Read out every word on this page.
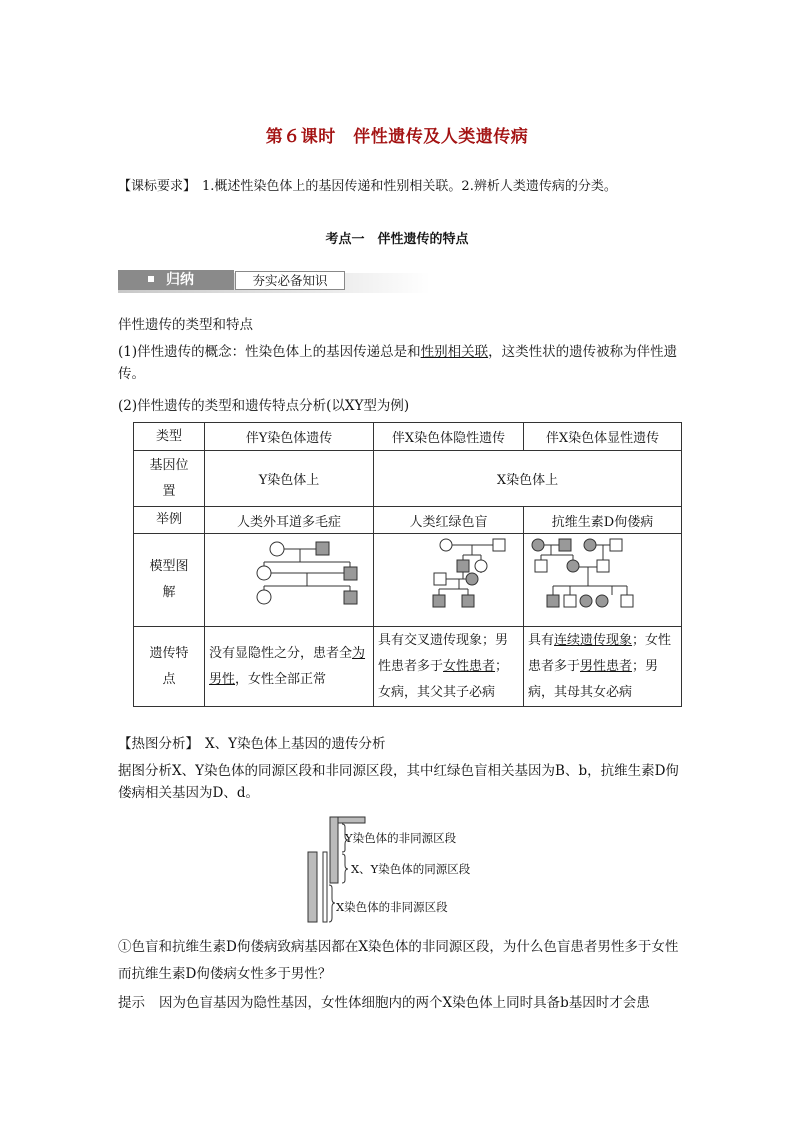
第６课时　伴性遗传及人类遗传病
【课标要求】 1.概述性染色体上的基因传递和性别相关联。2.辨析人类遗传病的分类。
考点一　伴性遗传的特点
归纳	夯实必备知识
伴性遗传的类型和特点
(1)伴性遗传的概念：性染色体上的基因传递总是和性别相关联，这类性状的遗传被称为伴性遗传。
(2)伴性遗传的类型和遗传特点分析(以XY型为例)
类型	伴Y染色体遗传	伴X染色体隐性遗传	伴X染色体显性遗传
基因位置	Y染色体上	X染色体上	
举例	人类外耳道多毛症	人类红绿色盲	抗维生素D佝偻病
模型图解			
遗传特点	没有显隐性之分，患者全为男性，女性全部正常	具有交叉遗传现象；男性患者多于女性患者；女病，其父其子必病	具有连续遗传现象；女性患者多于男性患者；男病，其母其女必病
【热图分析】 X、Y染色体上基因的遗传分析
据图分析X、Y染色体的同源区段和非同源区段，其中红绿色盲相关基因为B、b，抗维生素D佝偻病相关基因为D、d。
Y染色体的非同源区段
X、Y染色体的同源区段
X染色体的非同源区段
①色盲和抗维生素D佝偻病致病基因都在X染色体的非同源区段，为什么色盲患者男性多于女性而抗维生素D佝偻病女性多于男性？
提示 因为色盲基因为隐性基因，女性体细胞内的两个X染色体上同时具备b基因时才会患
